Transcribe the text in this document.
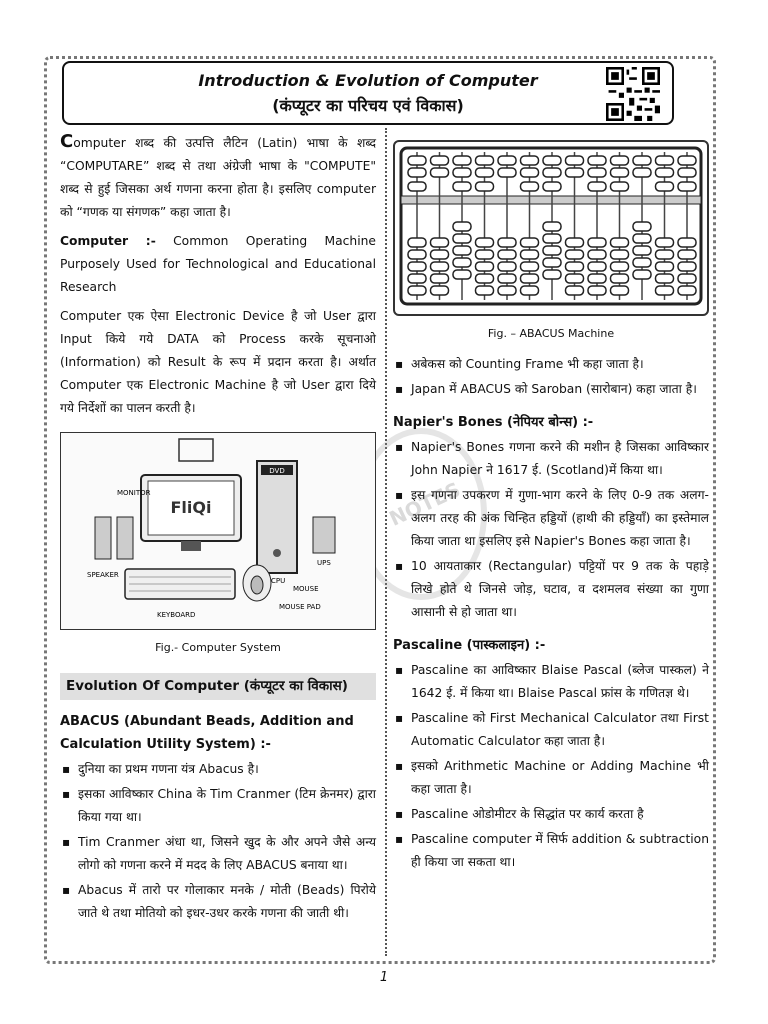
Introduction & Evolution of Computer
(कंप्यूटर का परिचय एवं विकास)
NOTES

Computer शब्द की उत्पत्ति लैटिन (Latin) भाषा के शब्द “COMPUTARE” शब्द से तथा अंग्रेजी भाषा के "COMPUTE" शब्द से हुई जिसका अर्थ गणना करना होता है। इसलिए computer को “गणक या संगणक” कहा जाता है।

Computer :- Common Operating Machine Purposely Used for Technological and Educational Research

Computer एक ऐसा Electronic Device है जो User द्वारा Input किये गये DATA को Process करके सूचनाओ (Information) को Result के रूप में प्रदान करता है। अर्थात Computer एक Electronic Machine है जो User द्वारा दिये गये निर्देशों का पालन करती है।

FliQi
DVD
MONITOR
SPEAKER
KEYBOARD
MOUSE
MOUSE PAD
CPU
UPS
Fig.- Computer System
Evolution Of Computer (कंप्यूटर का विकास)
ABACUS (Abundant Beads, Addition and Calculation Utility System) :-
▪ दुनिया का प्रथम गणना यंत्र Abacus है।
▪ इसका आविष्कार China के Tim Cranmer (टिम क्रेनमर) द्वारा किया गया था।
▪ Tim Cranmer अंधा था, जिसने खुद के और अपने जैसे अन्य लोगो को गणना करने में मदद के लिए ABACUS बनाया था।
▪ Abacus में तारो पर गोलाकार मनके / मोती (Beads) पिरोये जाते थे तथा मोतियो को इधर-उधर करके गणना की जाती थी।
Fig. – ABACUS Machine
▪ अबेकस को Counting Frame भी कहा जाता है।
▪ Japan में ABACUS को Saroban (सारोबान) कहा जाता है।
Napier's Bones (नेपियर बोन्स) :-
▪ Napier's Bones गणना करने की मशीन है जिसका आविष्कार John Napier ने 1617 ई. (Scotland)में किया था।
▪ इस गणना उपकरण में गुणा-भाग करने के लिए 0-9 तक अलग-अलग तरह की अंक चिन्हित हड्डियों (हाथी की हड्डियाँ) का इस्तेमाल किया जाता था इसलिए इसे Napier's Bones कहा जाता है।
▪ 10 आयताकार (Rectangular) पट्टियों पर 9 तक के पहाड़े लिखे होते थे जिनसे जोड़, घटाव, व दशमलव संख्या का गुणा आसानी से हो जाता था।
Pascaline (पास्कलाइन) :-
▪ Pascaline का आविष्कार Blaise Pascal (ब्लेज पास्कल) ने 1642 ई. में किया था। Blaise Pascal फ्रांस के गणितज्ञ थे।
▪ Pascaline को First Mechanical Calculator तथा First Automatic Calculator कहा जाता है।
▪ इसको Arithmetic Machine or Adding Machine भी कहा जाता है।
▪ Pascaline ओडोमीटर के सिद्धांत पर कार्य करता है
▪ Pascaline computer में सिर्फ addition & subtraction ही किया जा सकता था।
1
